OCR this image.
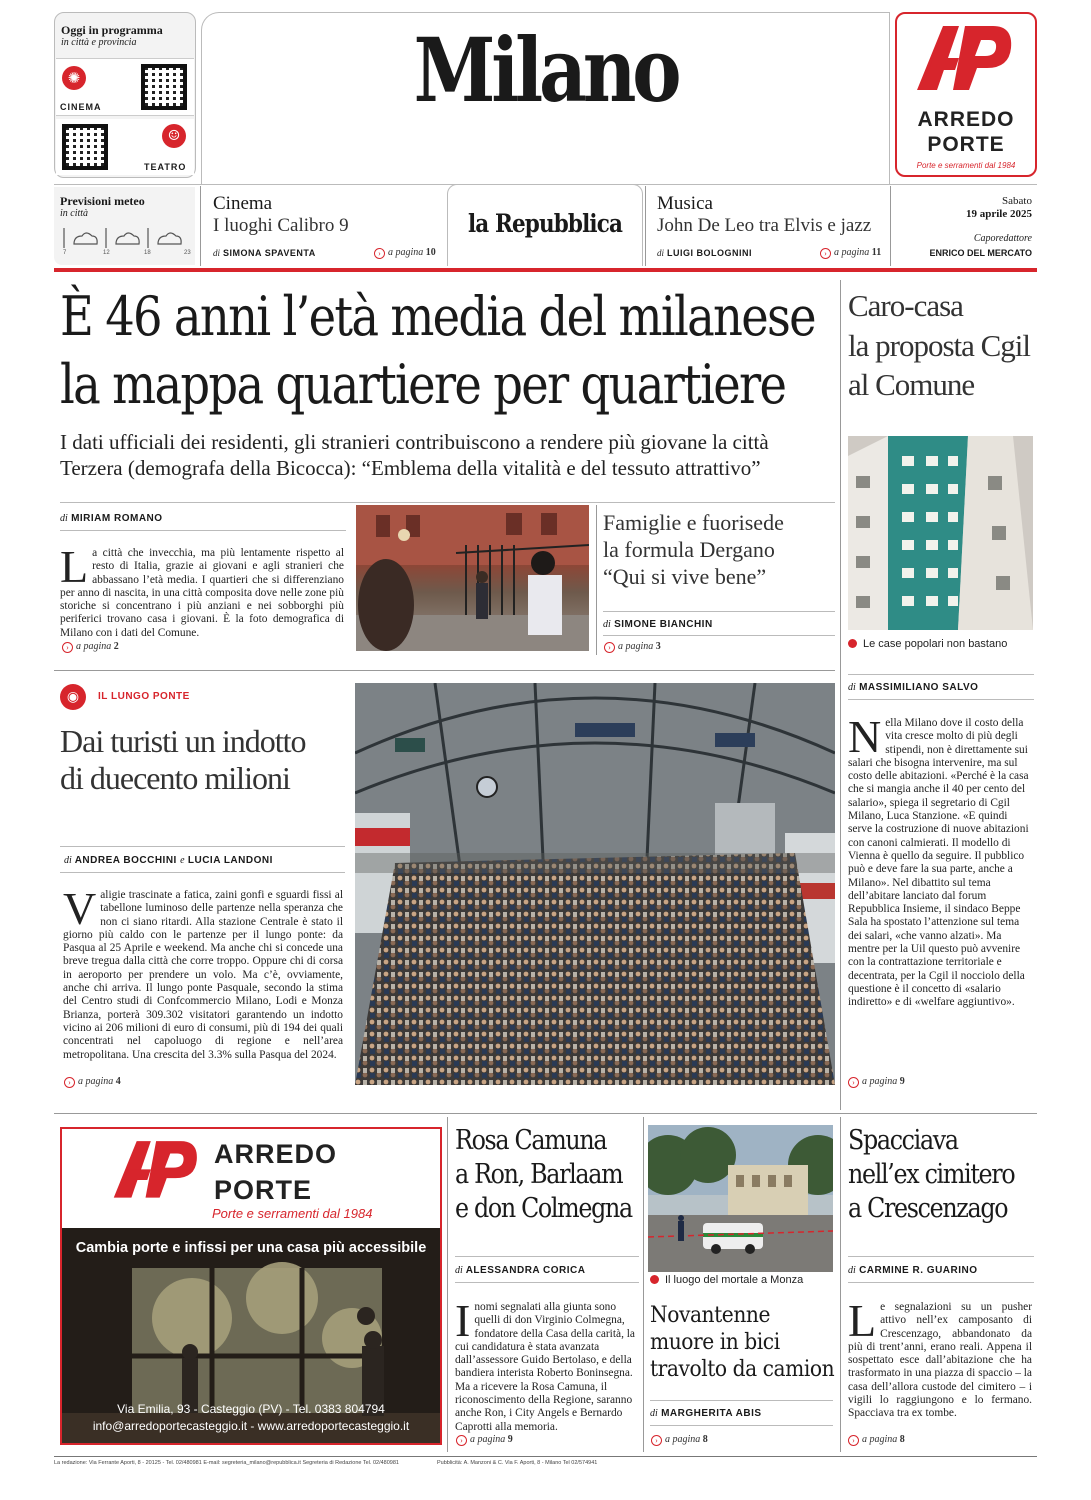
Oggi in programma
in città e provincia
✺
CINEMA
☺
TEATRO
Milano	ARREDO
PORTE
Porte e serramenti dal 1984
Previsioni meteo
in città
7	12	18	23
Cinema
I luoghi Calibro 9
di SIMONA SPAVENTA	› a pagina 10
la Repubblica
Musica
John De Leo tra Elvis e jazz
di LUIGI BOLOGNINI	› a pagina 11
Sabato
19 aprile 2025
Caporedattore
ENRICO DEL MERCATO
È 46 anni l’età media del milanese
la mappa quartiere per quartiere
I dati ufficiali dei residenti, gli stranieri contribuiscono a rendere più giovane la città
Terzera (demografa della Bicocca): “Emblema della vitalità e del tessuto attrattivo”
di MIRIAM ROMANO
La città che invecchia, ma più lentamente rispetto al resto di Italia, grazie ai giovani e agli stranieri che abbassano l’età media. I quartieri che si differenziano per anno di nascita, in una città composita dove nelle zone più storiche si concentrano i più anziani e nei sobborghi più periferici trovano casa i giovani. È la foto demografica di Milano con i dati del Comune.
› a pagina 2
Famiglie e fuorisede
la formula Dergano
“Qui si vive bene”
di SIMONE BIANCHIN
› a pagina 3
Caro-casa
la proposta Cgil
al Comune
Le case popolari non bastano
di MASSIMILIANO SALVO
Nella Milano dove il costo della vita cresce molto di più degli stipendi, non è direttamente sui salari che bisogna intervenire, ma sul costo delle abitazioni. «Perché è la casa che si mangia anche il 40 per cento del salario», spiega il segretario di Cgil Milano, Luca Stanzione. «E quindi serve la costruzione di nuove abitazioni con canoni calmierati. Il modello di Vienna è quello da seguire. Il pubblico può e deve fare la sua parte, anche a Milano». Nel dibattito sul tema dell’abitare lanciato dal forum Repubblica Insieme, il sindaco Beppe Sala ha spostato l’attenzione sul tema dei salari, «che vanno alzati». Ma mentre per la Uil questo può avvenire con la contrattazione territoriale e decentrata, per la Cgil il nocciolo della questione è il concetto di «salario indiretto» e di «welfare aggiuntivo».
› a pagina 9
◉	IL LUNGO PONTE
Dai turisti un indotto
di duecento milioni
di ANDREA BOCCHINI e LUCIA LANDONI
Valigie trascinate a fatica, zaini gonfi e sguardi fissi al tabellone luminoso delle partenze nella speranza che non ci siano ritardi. Alla stazione Centrale è stato il giorno più caldo con le partenze per il lungo ponte: da Pasqua al 25 Aprile e weekend. Ma anche chi si concede una breve tregua dalla città che corre troppo. Oppure chi di corsa in aeroporto per prendere un volo. Ma c’è, ovviamente, anche chi arriva. Il lungo ponte Pasquale, secondo la stima del Centro studi di Confcommercio Milano, Lodi e Monza Brianza, porterà 309.302 visitatori garantendo un indotto vicino ai 206 milioni di euro di consumi, più di 194 dei quali concentrati nel capoluogo di regione e nell’area metropolitana. Una crescita del 3.3% sulla Pasqua del 2024.
› a pagina 4
ARREDO
PORTE
Porte e serramenti dal 1984
Cambia porte e infissi per una casa più accessibile
Via Emilia, 93 - Casteggio (PV) - Tel. 0383 804794
info@arredoportecasteggio.it - www.arredoportecasteggio.it
Rosa Camuna
a Ron, Barlaam
e don Colmegna
di ALESSANDRA CORICA
Inomi segnalati alla giunta sono quelli di don Virginio Colmegna, fondatore della Casa della carità, la cui candidatura è stata avanzata dall’assessore Guido Bertolaso, e della bandiera interista Roberto Boninsegna. Ma a ricevere la Rosa Camuna, il riconoscimento della Regione, saranno anche Ron, i City Angels e Bernardo Caprotti alla memoria.
› a pagina 9
Il luogo del mortale a Monza
Novantenne
muore in bici
travolto da camion
di MARGHERITA ABIS
› a pagina 8
Spacciava
nell’ex cimitero
a Crescenzago
di CARMINE R. GUARINO
Le segnalazioni su un pusher attivo nell’ex camposanto di Crescenzago, abbandonato da più di trent’anni, erano reali. Appena il sospettato esce dall’abitazione che ha trasformato in una piazza di spaccio – la casa dell’allora custode del cimitero – i vigili lo raggiungono e lo fermano. Spacciava tra ex tombe.
› a pagina 8
La redazione: Via Ferrante Aporti, 8 - 20125 - Tel. 02/480981 E-mail: segreteria_milano@repubblica.it Segreteria di Redazione Tel. 02/480981	Pubblicità: A. Manzoni & C. Via F. Aporti, 8 - Milano Tel 02/574941
